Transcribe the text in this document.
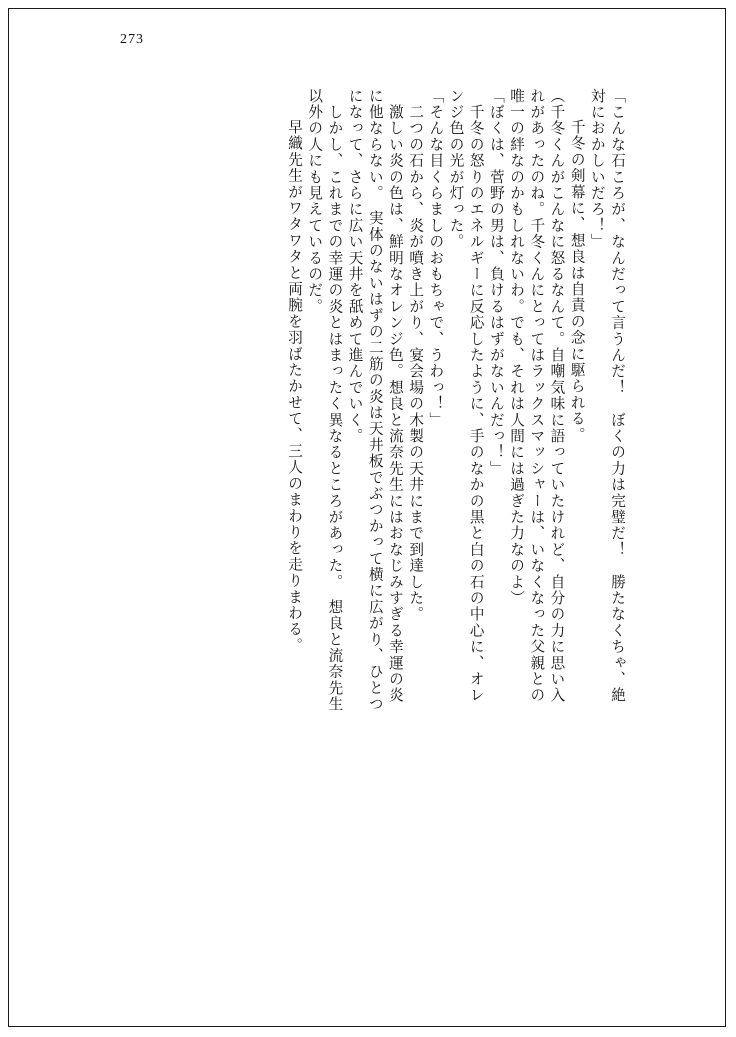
273
「こんな石ころが、なんだって言うんだ！　ぼくの力は完璧だ！　勝たなくちゃ、絶
対におかしいだろ！」
　千冬の剣幕に、想良は自責の念に駆られる。
（千冬くんがこんなに怒るなんて。自嘲気味に語っていたけれど、自分の力に思い入
れがあったのね。千冬くんにとってはラックスマッシャーは、いなくなった父親との
唯一の絆なのかもしれないわ。でも、それは人間には過ぎた力なのよ）
「ぼくは、菅野の男は、負けるはずがないんだっ！」
　千冬の怒りのエネルギーに反応したように、手のなかの黒と白の石の中心に、オレ
ンジ色の光が灯った。
「そんな目くらましのおもちゃで、うわっ！」
　二つの石から、炎が噴き上がり、宴会場の木製の天井にまで到達した。
　激しい炎の色は、鮮明なオレンジ色。想良と流奈先生にはおなじみすぎる幸運の炎
に他ならない。　実体のないはずの二筋の炎は天井板でぶつかって横に広がり、ひとつ
になって、さらに広い天井を舐めて進んでいく。
　しかし、これまでの幸運の炎とはまったく異なるところがあった。　想良と流奈先生
以外の人にも見えているのだ。
　早織先生がワタワタと両腕を羽ばたかせて、三人のまわりを走りまわる。
